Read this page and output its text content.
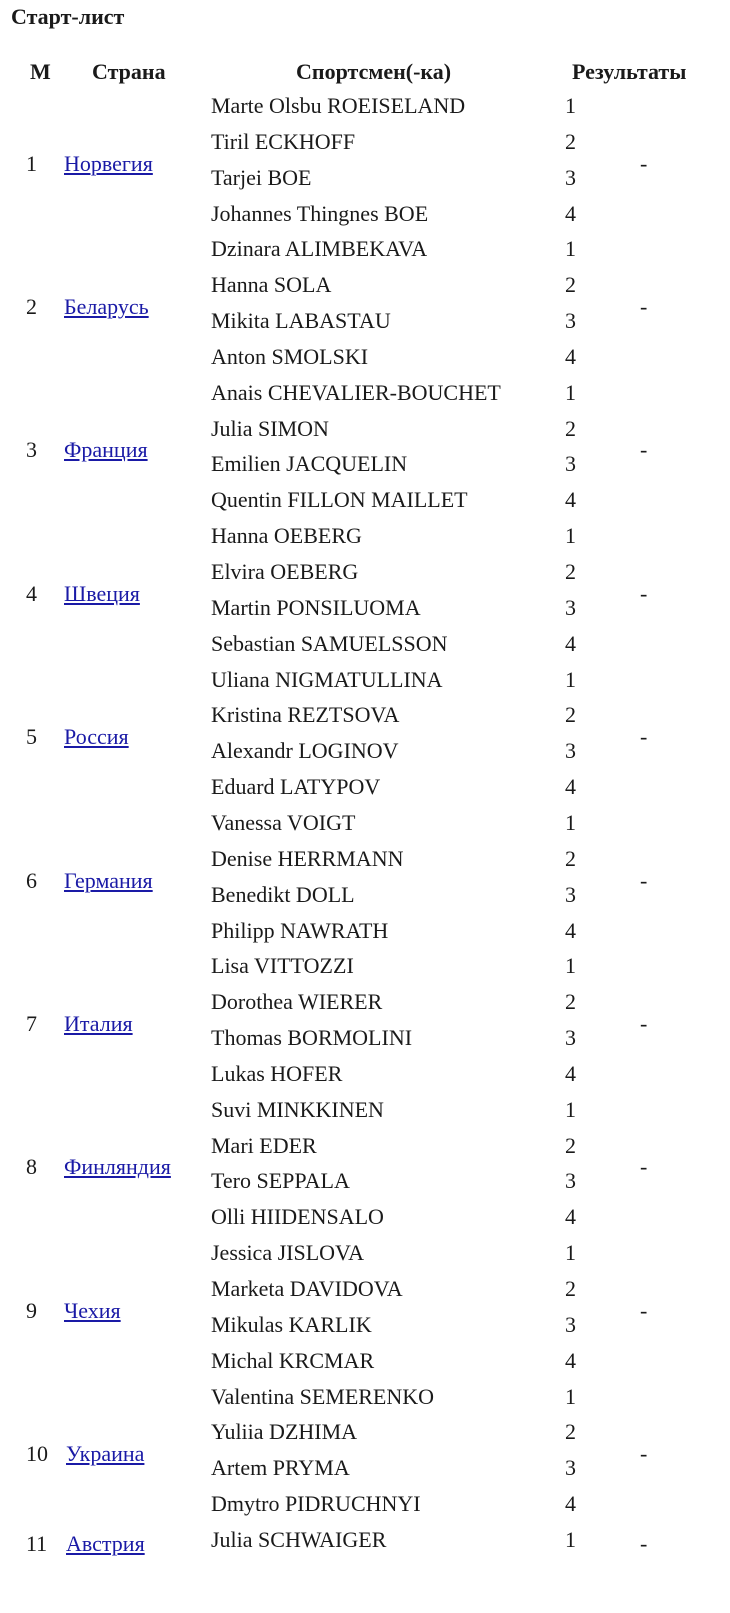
Старт-лист
М Страна	Спортсмен(-ка)	Результаты
1 Норвегия	-
Marte Olsbu ROEISELAND	1
Tiril ECKHOFF	2
Tarjei BOE	3
Johannes Thingnes BOE	4
2 Беларусь	-
Dzinara ALIMBEKAVA	1
Hanna SOLA	2
Mikita LABASTAU	3
Anton SMOLSKI	4
3 Франция	-
Anais CHEVALIER-BOUCHET	1
Julia SIMON	2
Emilien JACQUELIN	3
Quentin FILLON MAILLET	4
4 Швеция	-
Hanna OEBERG	1
Elvira OEBERG	2
Martin PONSILUOMA	3
Sebastian SAMUELSSON	4
5 Россия	-
Uliana NIGMATULLINA	1
Kristina REZTSOVA	2
Alexandr LOGINOV	3
Eduard LATYPOV	4
6 Германия	-
Vanessa VOIGT	1
Denise HERRMANN	2
Benedikt DOLL	3
Philipp NAWRATH	4
7 Италия	-
Lisa VITTOZZI	1
Dorothea WIERER	2
Thomas BORMOLINI	3
Lukas HOFER	4
8 Финляндия	-
Suvi MINKKINEN	1
Mari EDER	2
Tero SEPPALA	3
Olli HIIDENSALO	4
9 Чехия	-
Jessica JISLOVA	1
Marketa DAVIDOVA	2
Mikulas KARLIK	3
Michal KRCMAR	4
10 Украина	-
Valentina SEMERENKO	1
Yuliia DZHIMA	2
Artem PRYMA	3
Dmytro PIDRUCHNYI	4
11 Австрия	-
Julia SCHWAIGER	1
